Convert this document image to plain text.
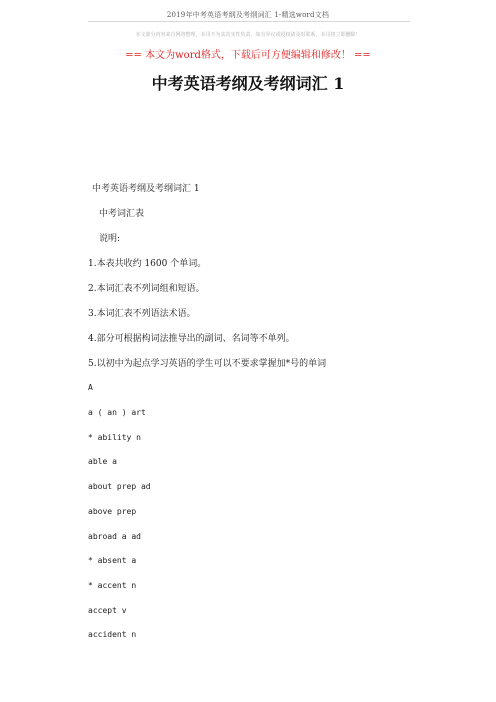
2019年中考英语考纲及考纲词汇 1-精选word文档
本文部分内容来自网络整理，本司不为其真实性负责，如有异议或侵权请及时联系，本司将立即删除！
== 本文为word格式，下载后可方便编辑和修改！ ==
中考英语考纲及考纲词汇 1
中考英语考纲及考纲词汇 1
中考词汇表
说明:
1.本表共收约 1600 个单词。
2.本词汇表不列词组和短语。
3.本词汇表不列语法术语。
4.部分可根据构词法推导出的副词、名词等不单列。
5.以初中为起点学习英语的学生可以不要求掌握加*号的单词
A
a ( an ) art
* ability n
able a
about prep ad
above prep
abroad a ad
* absent a
* accent n
accept v
accident n
